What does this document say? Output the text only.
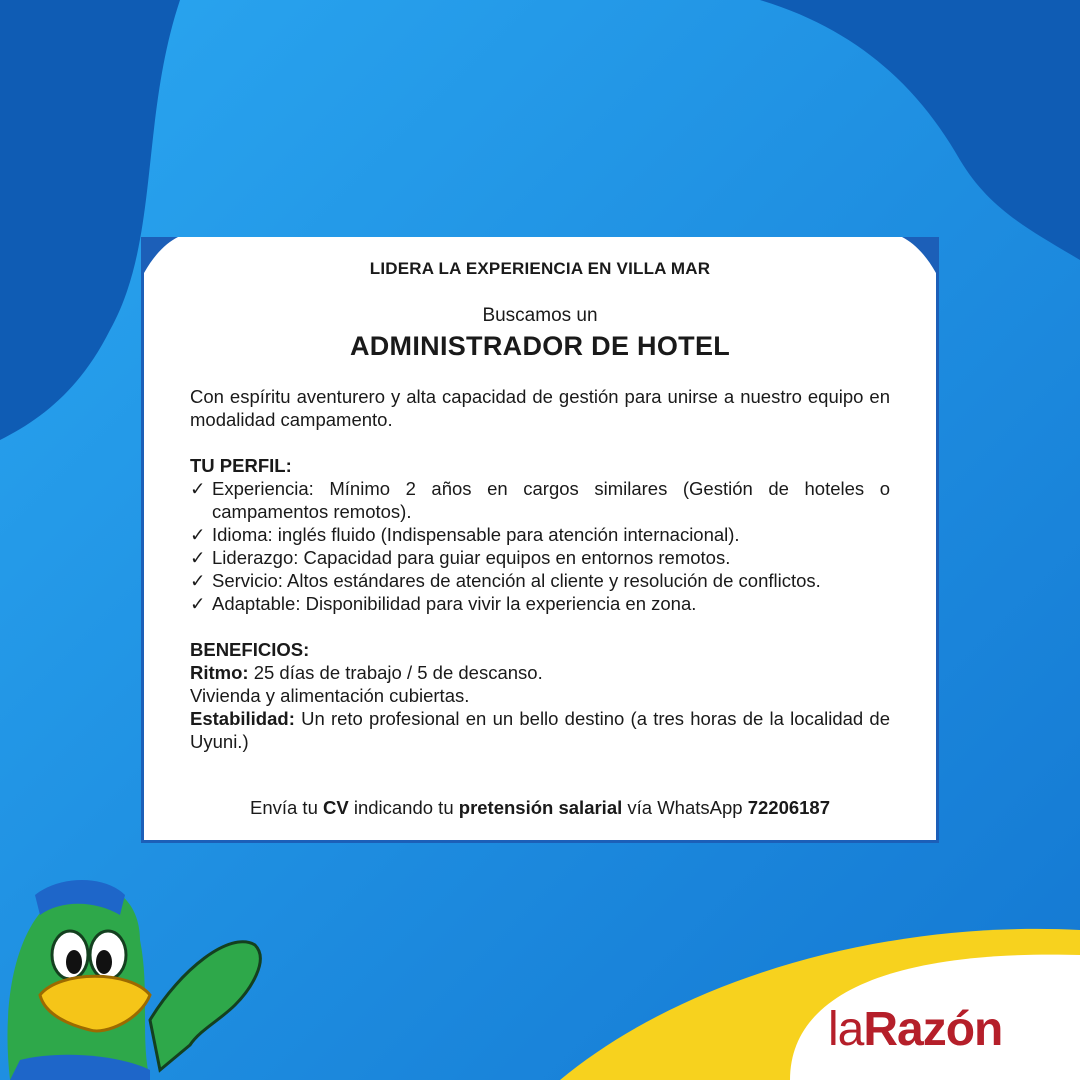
LIDERA LA EXPERIENCIA EN VILLA MAR
Buscamos un
ADMINISTRADOR DE HOTEL

Con espíritu aventurero y alta capacidad de gestión para unirse a nuestro equipo en modalidad campamento.

TU PERFIL:

✓ Experiencia: Mínimo 2 años en cargos similares (Gestión de hoteles o campamentos remotos).
✓ Idioma: inglés fluido (Indispensable para atención internacional).
✓ Liderazgo: Capacidad para guiar equipos en entornos remotos.
✓ Servicio: Altos estándares de atención al cliente y resolución de conflictos.
✓ Adaptable: Disponibilidad para vivir la experiencia en zona.

BENEFICIOS:

Ritmo: 25 días de trabajo / 5 de descanso.

Vivienda y alimentación cubiertas.

Estabilidad: Un reto profesional en un bello destino (a tres horas de la localidad de Uyuni.)

Envía tu CV indicando tu pretensión salarial vía WhatsApp 72206187
laRazón
